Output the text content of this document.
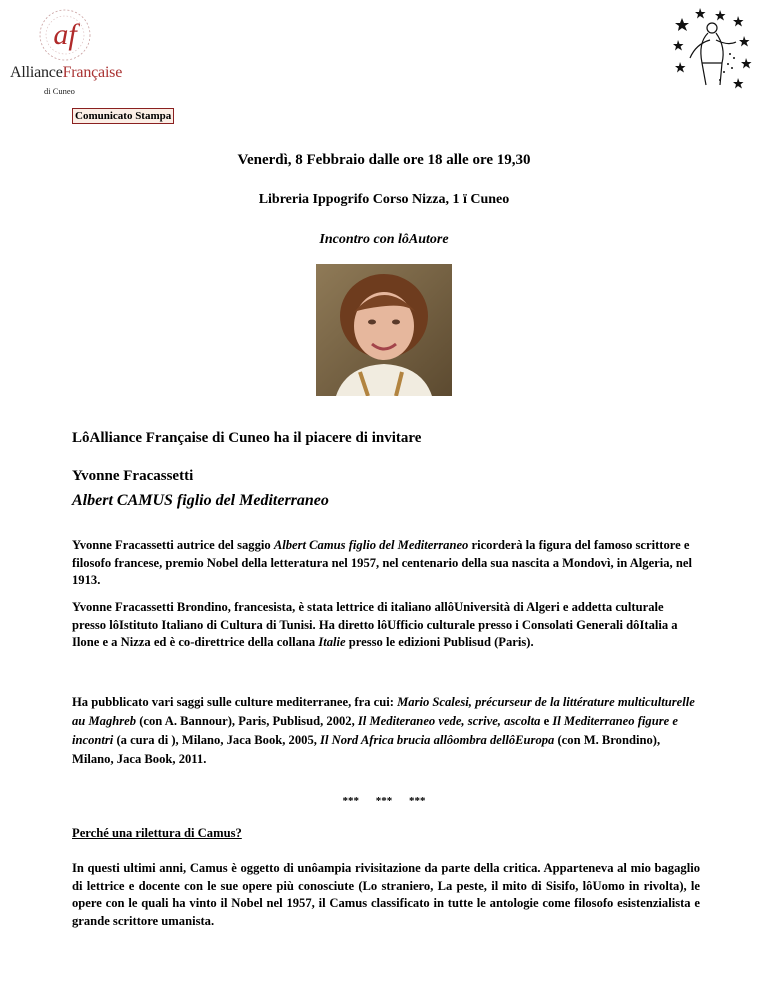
af
AllianceFrançaise
di Cuneo
Comunicato Stampa
Venerdì, 8 Febbraio dalle ore 18 alle ore 19,30
Libreria Ippogrifo Corso Nizza, 1 ï Cuneo
Incontro con lôAutore
LôAlliance Française di Cuneo ha il piacere di invitare
Yvonne Fracassetti
Albert CAMUS figlio del Mediterraneo
Yvonne Fracassetti autrice del saggio Albert Camus figlio del Mediterraneo ricorderà la figura del famoso scrittore e filosofo francese, premio Nobel della letteratura nel 1957, nel centenario della sua nascita a Mondovì, in Algeria, nel 1913.
Yvonne Fracassetti Brondino, francesista, è stata lettrice di italiano allôUniversità di Algeri e addetta culturale presso lôIstituto Italiano di Cultura di Tunisi. Ha diretto lôUfficio culturale presso i Consolati Generali dôItalia a Ilone e a Nizza ed è co-direttrice della collana Italie presso le edizioni Publisud (Paris).
Ha pubblicato vari saggi sulle culture mediterranee, fra cui: Mario Scalesi, précurseur de la littérature multiculturelle au Maghreb (con A. Bannour), Paris, Publisud, 2002, Il Mediteraneo vede, scrive, ascolta e Il Mediterraneo figure e incontri (a cura di ), Milano, Jaca Book, 2005, Il Nord Africa brucia allôombra dellôEuropa (con M. Brondino), Milano, Jaca Book, 2011.
*** *** ***
Perché una rilettura di Camus?
In questi ultimi anni, Camus è oggetto di unôampia rivisitazione da parte della critica. Apparteneva al mio bagaglio di lettrice e docente con le sue opere più conosciute (Lo straniero, La peste, il mito di Sisifo, lôUomo in rivolta), le opere con le quali ha vinto il Nobel nel 1957, il Camus classificato in tutte le antologie come filosofo esistenzialista e grande scrittore umanista.
